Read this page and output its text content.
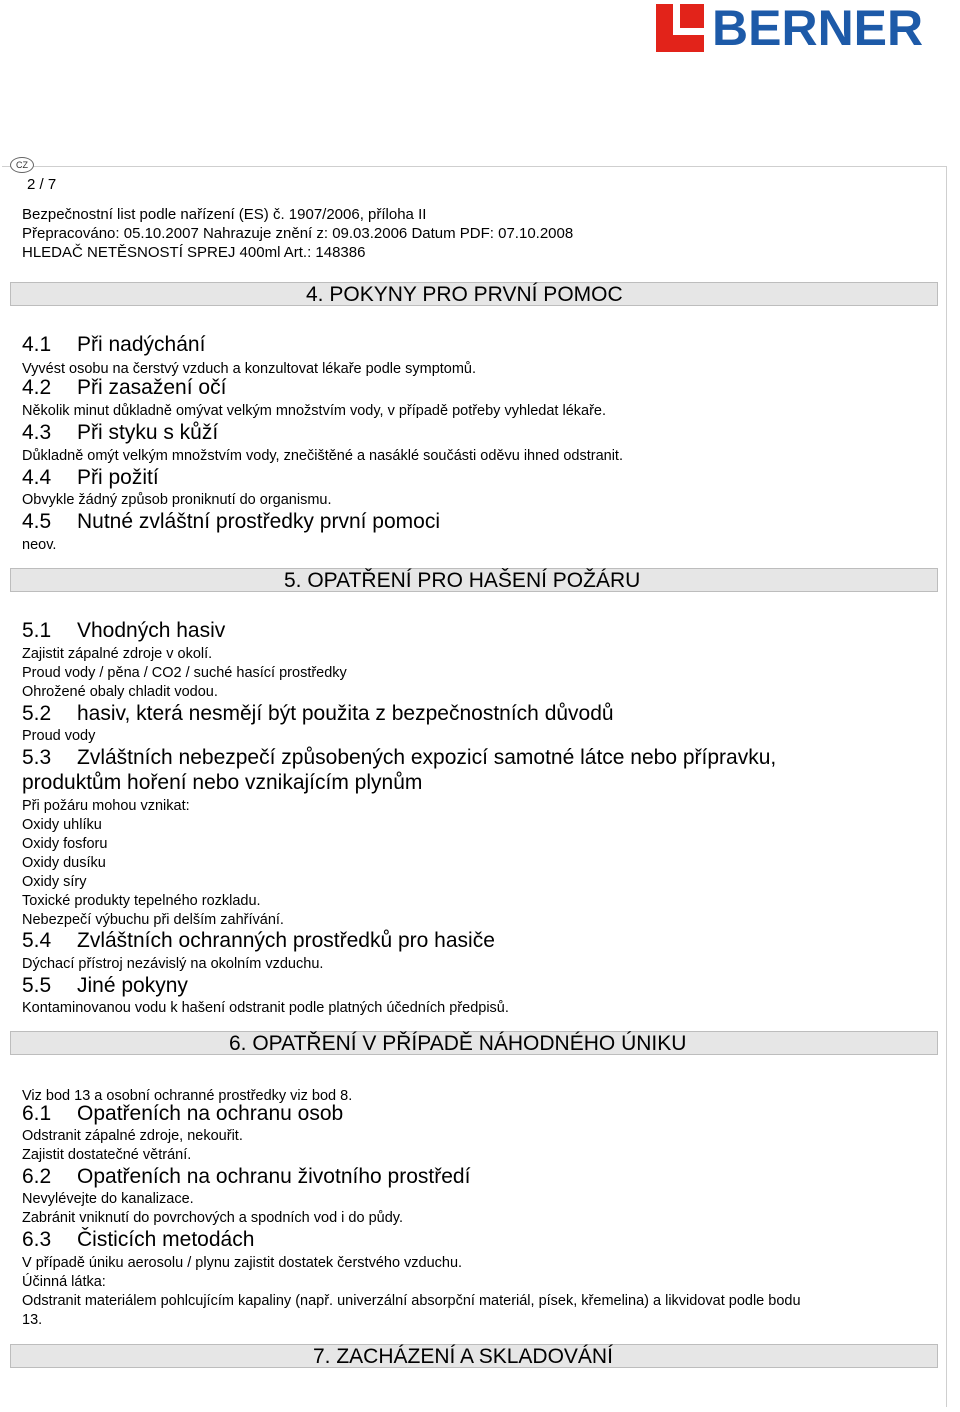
BERNER
CZ
2 / 7
Bezpečnostní list podle nařízení (ES) č. 1907/2006, příloha II
Přepracováno: 05.10.2007 Nahrazuje znění z: 09.03.2006 Datum PDF: 07.10.2008
HLEDAČ NETĚSNOSTÍ SPREJ 400ml Art.: 148386
4. POKYNY PRO PRVNÍ POMOC
4.1 Při nadýchání
Vyvést osobu na čerstvý vzduch a konzultovat lékaře podle symptomů.
4.2 Při zasažení očí
Několik minut důkladně omývat velkým množstvím vody, v případě potřeby vyhledat lékaře.
4.3 Při styku s kůží
Důkladně omýt velkým množstvím vody, znečištěné a nasáklé součásti oděvu ihned odstranit.
4.4 Při požití
Obvykle žádný způsob proniknutí do organismu.
4.5 Nutné zvláštní prostředky první pomoci
neov.
5. OPATŘENÍ PRO HAŠENÍ POŽÁRU
5.1 Vhodných hasiv
Zajistit zápalné zdroje v okolí.
Proud vody / pěna / CO2 / suché hasící prostředky
Ohrožené obaly chladit vodou.
5.2 hasiv, která nesmějí být použita z bezpečnostních důvodů
Proud vody
5.3 Zvláštních nebezpečí způsobených expozicí samotné látce nebo přípravku,
produktům hoření nebo vznikajícím plynům
Při požáru mohou vznikat:
Oxidy uhlíku
Oxidy fosforu
Oxidy dusíku
Oxidy síry
Toxické produkty tepelného rozkladu.
Nebezpečí výbuchu při delším zahřívání.
5.4 Zvláštních ochranných prostředků pro hasiče
Dýchací přístroj nezávislý na okolním vzduchu.
5.5 Jiné pokyny
Kontaminovanou vodu k hašení odstranit podle platných účedních předpisů.
6. OPATŘENÍ V PŘÍPADĚ NÁHODNÉHO ÚNIKU
Viz bod 13 a osobní ochranné prostředky viz bod 8.
6.1 Opatřeních na ochranu osob
Odstranit zápalné zdroje, nekouřit.
Zajistit dostatečné větrání.
6.2 Opatřeních na ochranu životního prostředí
Nevylévejte do kanalizace.
Zabránit vniknutí do povrchových a spodních vod i do půdy.
6.3 Čisticích metodách
V případě úniku aerosolu / plynu zajistit dostatek čerstvého vzduchu.
Účinná látka:
Odstranit materiálem pohlcujícím kapaliny (např. univerzální absorpční materiál, písek, křemelina) a likvidovat podle bodu
13.
7. ZACHÁZENÍ A SKLADOVÁNÍ
